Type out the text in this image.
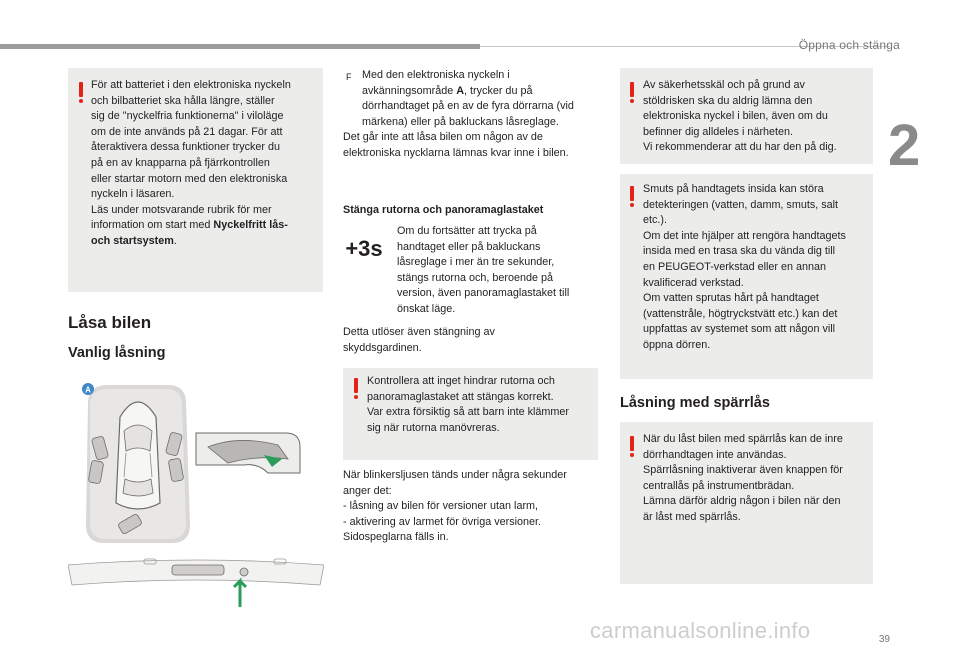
Öppna och stänga
2
39
carmanualsonline.info

För att batteriet i den elektroniska nyckeln

och bilbatteriet ska hålla längre, ställer

sig de "nyckelfria funktionerna" i viloläge

om de inte används på 21 dagar. För att

återaktivera dessa funktioner trycker du

på en av knapparna på fjärrkontrollen

eller startar motorn med den elektroniska

nyckeln i läsaren.

Läs under motsvarande rubrik för mer

information om start med Nyckelfritt lås-

och startsystem.

Låsa bilen
Vanlig låsning
A
F Med den elektroniska nyckeln i

avkänningsområde A, trycker du på

dörrhandtaget på en av de fyra dörrarna (vid

märkena) eller på bakluckans låsreglage.

Det går inte att låsa bilen om någon av de

elektroniska nycklarna lämnas kvar inne i bilen.

Stänga rutorna och panoramaglastaket
+3s

Om du fortsätter att trycka på

handtaget eller på bakluckans

låsreglage i mer än tre sekunder,

stängs rutorna och, beroende på

version, även panoramaglastaket till

önskat läge.

Detta utlöser även stängning av

skyddsgardinen.

Kontrollera att inget hindrar rutorna och

panoramaglastaket att stängas korrekt.

Var extra försiktig så att barn inte klämmer

sig när rutorna manövreras.

När blinkersljusen tänds under några sekunder

anger det:

- låsning av bilen för versioner utan larm,

- aktivering av larmet för övriga versioner.

Sidospeglarna fälls in.

Av säkerhetsskäl och på grund av

stöldrisken ska du aldrig lämna den

elektroniska nyckel i bilen, även om du

befinner dig alldeles i närheten.

Vi rekommenderar att du har den på dig.

Smuts på handtagets insida kan störa

detekteringen (vatten, damm, smuts, salt

etc.).

Om det inte hjälper att rengöra handtagets

insida med en trasa ska du vända dig till

en PEUGEOT-verkstad eller en annan

kvalificerad verkstad.

Om vatten sprutas hårt på handtaget

(vattenstråle, högtryckstvätt etc.) kan det

uppfattas av systemet som att någon vill

öppna dörren.

Låsning med spärrlås

När du låst bilen med spärrlås kan de inre

dörrhandtagen inte användas.

Spärrlåsning inaktiverar även knappen för

centrallås på instrumentbrädan.

Lämna därför aldrig någon i bilen när den

är låst med spärrlås.
